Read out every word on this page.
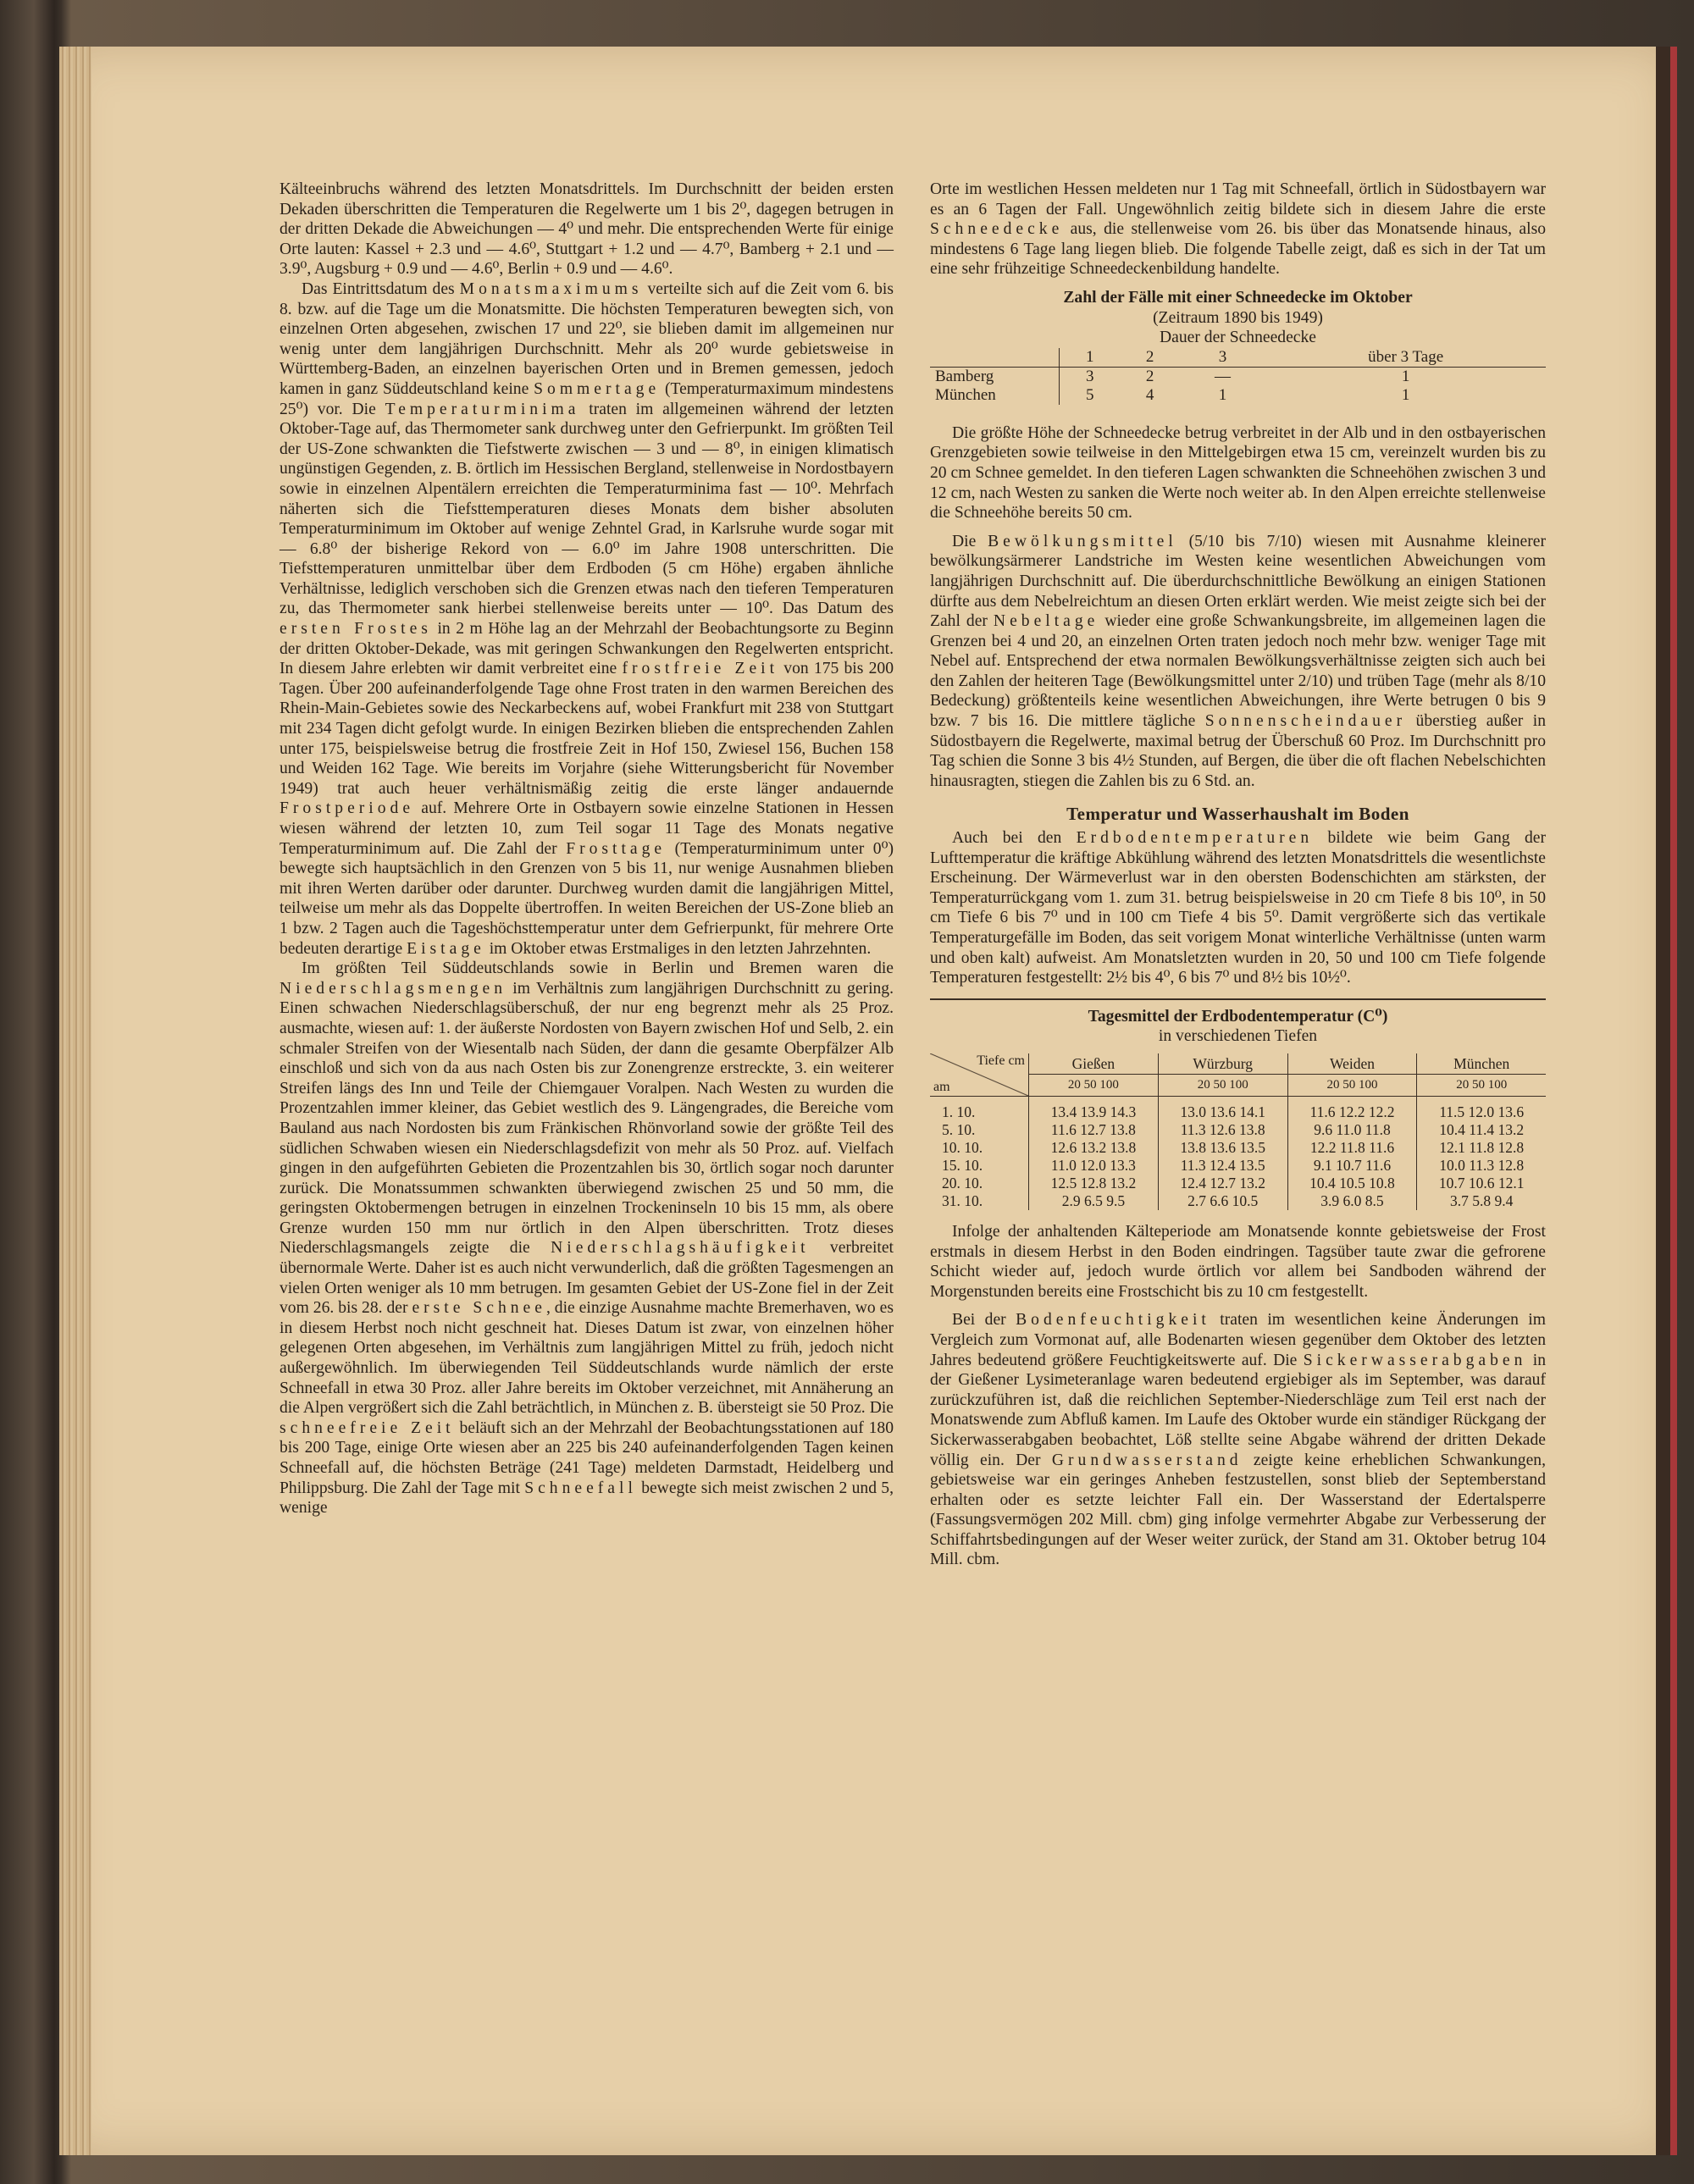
Kälteeinbruchs während des letzten Monatsdrittels. Im Durchschnitt der beiden ersten Dekaden überschritten die Temperaturen die Regelwerte um 1 bis 2⁰, dagegen betrugen in der dritten Dekade die Abweichungen — 4⁰ und mehr. Die entsprechenden Werte für einige Orte lauten: Kassel + 2.3 und — 4.6⁰, Stuttgart + 1.2 und — 4.7⁰, Bamberg + 2.1 und — 3.9⁰, Augsburg + 0.9 und — 4.6⁰, Berlin + 0.9 und — 4.6⁰.

Das Eintrittsdatum des Monatsmaximums verteilte sich auf die Zeit vom 6. bis 8. bzw. auf die Tage um die Monatsmitte. Die höchsten Temperaturen bewegten sich, von einzelnen Orten abgesehen, zwischen 17 und 22⁰, sie blieben damit im allgemeinen nur wenig unter dem langjährigen Durchschnitt. Mehr als 20⁰ wurde gebietsweise in Württemberg-Baden, an einzelnen bayerischen Orten und in Bremen gemessen, jedoch kamen in ganz Süddeutschland keine Sommertage (Temperaturmaximum mindestens 25⁰) vor. Die Temperaturminima traten im allgemeinen während der letzten Oktober-Tage auf, das Thermometer sank durchweg unter den Gefrierpunkt. Im größten Teil der US-Zone schwankten die Tiefstwerte zwischen — 3 und — 8⁰, in einigen klimatisch ungünstigen Gegenden, z. B. örtlich im Hessischen Bergland, stellenweise in Nordostbayern sowie in einzelnen Alpentälern erreichten die Temperaturminima fast — 10⁰. Mehrfach näherten sich die Tiefsttemperaturen dieses Monats dem bisher absoluten Temperaturminimum im Oktober auf wenige Zehntel Grad, in Karlsruhe wurde sogar mit — 6.8⁰ der bisherige Rekord von — 6.0⁰ im Jahre 1908 unterschritten. Die Tiefsttemperaturen unmittelbar über dem Erdboden (5 cm Höhe) ergaben ähnliche Verhältnisse, lediglich verschoben sich die Grenzen etwas nach den tieferen Temperaturen zu, das Thermometer sank hierbei stellenweise bereits unter — 10⁰. Das Datum des ersten Frostes in 2 m Höhe lag an der Mehrzahl der Beobachtungsorte zu Beginn der dritten Oktober-Dekade, was mit geringen Schwankungen den Regelwerten entspricht. In diesem Jahre erlebten wir damit verbreitet eine frostfreie Zeit von 175 bis 200 Tagen. Über 200 aufeinanderfolgende Tage ohne Frost traten in den warmen Bereichen des Rhein-Main-Gebietes sowie des Neckarbeckens auf, wobei Frankfurt mit 238 von Stuttgart mit 234 Tagen dicht gefolgt wurde. In einigen Bezirken blieben die entsprechenden Zahlen unter 175, beispielsweise betrug die frostfreie Zeit in Hof 150, Zwiesel 156, Buchen 158 und Weiden 162 Tage. Wie bereits im Vorjahre (siehe Witterungsbericht für November 1949) trat auch heuer verhältnismäßig zeitig die erste länger andauernde Frostperiode auf. Mehrere Orte in Ostbayern sowie einzelne Stationen in Hessen wiesen während der letzten 10, zum Teil sogar 11 Tage des Monats negative Temperaturminimum auf. Die Zahl der Frosttage (Temperaturminimum unter 0⁰) bewegte sich hauptsächlich in den Grenzen von 5 bis 11, nur wenige Ausnahmen blieben mit ihren Werten darüber oder darunter. Durchweg wurden damit die langjährigen Mittel, teilweise um mehr als das Doppelte übertroffen. In weiten Bereichen der US-Zone blieb an 1 bzw. 2 Tagen auch die Tageshöchsttemperatur unter dem Gefrierpunkt, für mehrere Orte bedeuten derartige Eistage im Oktober etwas Erstmaliges in den letzten Jahrzehnten.

Im größten Teil Süddeutschlands sowie in Berlin und Bremen waren die Niederschlagsmengen im Verhältnis zum langjährigen Durchschnitt zu gering. Einen schwachen Niederschlagsüberschuß, der nur eng begrenzt mehr als 25 Proz. ausmachte, wiesen auf: 1. der äußerste Nordosten von Bayern zwischen Hof und Selb, 2. ein schmaler Streifen von der Wiesentalb nach Süden, der dann die gesamte Oberpfälzer Alb einschloß und sich von da aus nach Osten bis zur Zonengrenze erstreckte, 3. ein weiterer Streifen längs des Inn und Teile der Chiemgauer Voralpen. Nach Westen zu wurden die Prozentzahlen immer kleiner, das Gebiet westlich des 9. Längengrades, die Bereiche vom Bauland aus nach Nordosten bis zum Fränkischen Rhönvorland sowie der größte Teil des südlichen Schwaben wiesen ein Niederschlagsdefizit von mehr als 50 Proz. auf. Vielfach gingen in den aufgeführten Gebieten die Prozentzahlen bis 30, örtlich sogar noch darunter zurück. Die Monatssummen schwankten überwiegend zwischen 25 und 50 mm, die geringsten Oktobermengen betrugen in einzelnen Trockeninseln 10 bis 15 mm, als obere Grenze wurden 150 mm nur örtlich in den Alpen überschritten. Trotz dieses Niederschlagsmangels zeigte die Niederschlagshäufigkeit verbreitet übernormale Werte. Daher ist es auch nicht verwunderlich, daß die größten Tagesmengen an vielen Orten weniger als 10 mm betrugen. Im gesamten Gebiet der US-Zone fiel in der Zeit vom 26. bis 28. der erste Schnee, die einzige Ausnahme machte Bremerhaven, wo es in diesem Herbst noch nicht geschneit hat. Dieses Datum ist zwar, von einzelnen höher gelegenen Orten abgesehen, im Verhältnis zum langjährigen Mittel zu früh, jedoch nicht außergewöhnlich. Im überwiegenden Teil Süddeutschlands wurde nämlich der erste Schneefall in etwa 30 Proz. aller Jahre bereits im Oktober verzeichnet, mit Annäherung an die Alpen vergrößert sich die Zahl beträchtlich, in München z. B. übersteigt sie 50 Proz. Die schneefreie Zeit beläuft sich an der Mehrzahl der Beobachtungsstationen auf 180 bis 200 Tage, einige Orte wiesen aber an 225 bis 240 aufeinanderfolgenden Tagen keinen Schneefall auf, die höchsten Beträge (241 Tage) meldeten Darmstadt, Heidelberg und Philippsburg. Die Zahl der Tage mit Schneefall bewegte sich meist zwischen 2 und 5, wenige

Orte im westlichen Hessen meldeten nur 1 Tag mit Schneefall, örtlich in Südostbayern war es an 6 Tagen der Fall. Ungewöhnlich zeitig bildete sich in diesem Jahre die erste Schneedecke aus, die stellenweise vom 26. bis über das Monatsende hinaus, also mindestens 6 Tage lang liegen blieb. Die folgende Tabelle zeigt, daß es sich in der Tat um eine sehr frühzeitige Schneedeckenbildung handelte.

Zahl der Fälle mit einer Schneedecke im Oktober
(Zeitraum 1890 bis 1949)
Dauer der Schneedecke
	1	2	3	über 3 Tage
Bamberg	3	2	—	1
München	5	4	1	1

Die größte Höhe der Schneedecke betrug verbreitet in der Alb und in den ostbayerischen Grenzgebieten sowie teilweise in den Mittelgebirgen etwa 15 cm, vereinzelt wurden bis zu 20 cm Schnee gemeldet. In den tieferen Lagen schwankten die Schneehöhen zwischen 3 und 12 cm, nach Westen zu sanken die Werte noch weiter ab. In den Alpen erreichte stellenweise die Schneehöhe bereits 50 cm.

Die Bewölkungsmittel (5/10 bis 7/10) wiesen mit Ausnahme kleinerer bewölkungsärmerer Landstriche im Westen keine wesentlichen Abweichungen vom langjährigen Durchschnitt auf. Die überdurchschnittliche Bewölkung an einigen Stationen dürfte aus dem Nebelreichtum an diesen Orten erklärt werden. Wie meist zeigte sich bei der Zahl der Nebeltage wieder eine große Schwankungsbreite, im allgemeinen lagen die Grenzen bei 4 und 20, an einzelnen Orten traten jedoch noch mehr bzw. weniger Tage mit Nebel auf. Entsprechend der etwa normalen Bewölkungsverhältnisse zeigten sich auch bei den Zahlen der heiteren Tage (Bewölkungsmittel unter 2/10) und trüben Tage (mehr als 8/10 Bedeckung) größtenteils keine wesentlichen Abweichungen, ihre Werte betrugen 0 bis 9 bzw. 7 bis 16. Die mittlere tägliche Sonnenscheindauer überstieg außer in Südostbayern die Regelwerte, maximal betrug der Überschuß 60 Proz. Im Durchschnitt pro Tag schien die Sonne 3 bis 4½ Stunden, auf Bergen, die über die oft flachen Nebelschichten hinausragten, stiegen die Zahlen bis zu 6 Std. an.

Temperatur und Wasserhaushalt im Boden

Auch bei den Erdbodentemperaturen bildete wie beim Gang der Lufttemperatur die kräftige Abkühlung während des letzten Monatsdrittels die wesentlichste Erscheinung. Der Wärmeverlust war in den obersten Bodenschichten am stärksten, der Temperaturrückgang vom 1. zum 31. betrug beispielsweise in 20 cm Tiefe 8 bis 10⁰, in 50 cm Tiefe 6 bis 7⁰ und in 100 cm Tiefe 4 bis 5⁰. Damit vergrößerte sich das vertikale Temperaturgefälle im Boden, das seit vorigem Monat winterliche Verhältnisse (unten warm und oben kalt) aufweist. Am Monatsletzten wurden in 20, 50 und 100 cm Tiefe folgende Temperaturen festgestellt: 2½ bis 4⁰, 6 bis 7⁰ und 8½ bis 10½⁰.

Tagesmittel der Erdbodentemperatur (C⁰)
in verschiedenen Tiefen
Tiefe cm
am	Gießen	Würzburg	Weiden	München
	20 50 100	20 50 100	20 50 100	20 50 100
1. 10.	13.4 13.9 14.3	13.0 13.6 14.1	11.6 12.2 12.2	11.5 12.0 13.6
5. 10.	11.6 12.7 13.8	11.3 12.6 13.8	9.6 11.0 11.8	10.4 11.4 13.2
10. 10.	12.6 13.2 13.8	13.8 13.6 13.5	12.2 11.8 11.6	12.1 11.8 12.8
15. 10.	11.0 12.0 13.3	11.3 12.4 13.5	9.1 10.7 11.6	10.0 11.3 12.8
20. 10.	12.5 12.8 13.2	12.4 12.7 13.2	10.4 10.5 10.8	10.7 10.6 12.1
31. 10.	2.9 6.5 9.5	2.7 6.6 10.5	3.9 6.0 8.5	3.7 5.8 9.4

Infolge der anhaltenden Kälteperiode am Monatsende konnte gebietsweise der Frost erstmals in diesem Herbst in den Boden eindringen. Tagsüber taute zwar die gefrorene Schicht wieder auf, jedoch wurde örtlich vor allem bei Sandboden während der Morgenstunden bereits eine Frostschicht bis zu 10 cm festgestellt.

Bei der Bodenfeuchtigkeit traten im wesentlichen keine Änderungen im Vergleich zum Vormonat auf, alle Bodenarten wiesen gegenüber dem Oktober des letzten Jahres bedeutend größere Feuchtigkeitswerte auf. Die Sickerwasserabgaben in der Gießener Lysimeteranlage waren bedeutend ergiebiger als im September, was darauf zurückzuführen ist, daß die reichlichen September-Niederschläge zum Teil erst nach der Monatswende zum Abfluß kamen. Im Laufe des Oktober wurde ein ständiger Rückgang der Sickerwasserabgaben beobachtet, Löß stellte seine Abgabe während der dritten Dekade völlig ein. Der Grundwasserstand zeigte keine erheblichen Schwankungen, gebietsweise war ein geringes Anheben festzustellen, sonst blieb der Septemberstand erhalten oder es setzte leichter Fall ein. Der Wasserstand der Edertalsperre (Fassungsvermögen 202 Mill. cbm) ging infolge vermehrter Abgabe zur Verbesserung der Schiffahrtsbedingungen auf der Weser weiter zurück, der Stand am 31. Oktober betrug 104 Mill. cbm.
